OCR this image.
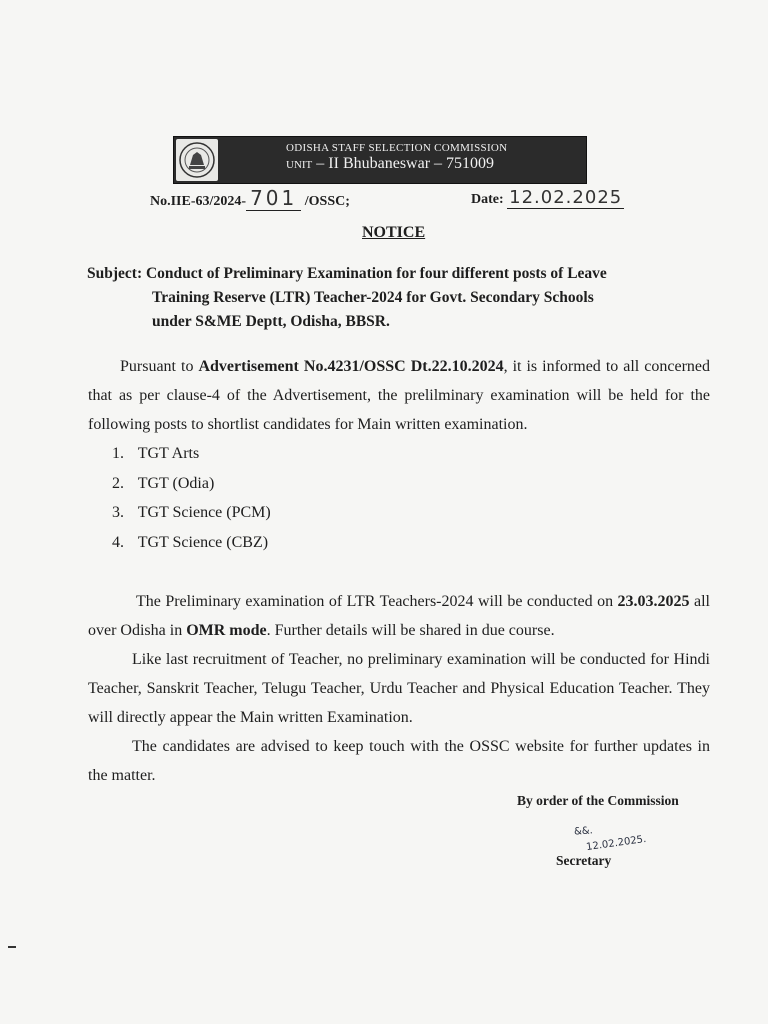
ODISHA STAFF SELECTION COMMISSION
UNIT – II Bhubaneswar – 751009
No.IIE-63/2024- 701 /OSSC;	Date: 12.02.2025
NOTICE
Subject: Conduct of Preliminary Examination for four different posts of Leave
Training Reserve (LTR) Teacher-2024 for Govt. Secondary Schools
under S&ME Deptt, Odisha, BBSR.
Pursuant to Advertisement No.4231/OSSC Dt.22.10.2024, it is informed to all concerned that as per clause-4 of the Advertisement, the prelilminary examination will be held for the following posts to shortlist candidates for Main written examination.
1. TGT Arts
2. TGT (Odia)
3. TGT Science (PCM)
4. TGT Science (CBZ)
The Preliminary examination of LTR Teachers-2024 will be conducted on 23.03.2025 all over Odisha in OMR mode. Further details will be shared in due course.
Like last recruitment of Teacher, no preliminary examination will be conducted for Hindi Teacher, Sanskrit Teacher, Telugu Teacher, Urdu Teacher and Physical Education Teacher. They will directly appear the Main written Examination.
The candidates are advised to keep touch with the OSSC website for further updates in the matter.
By order of the Commission
&&.
12.02.2025.
Secretary
